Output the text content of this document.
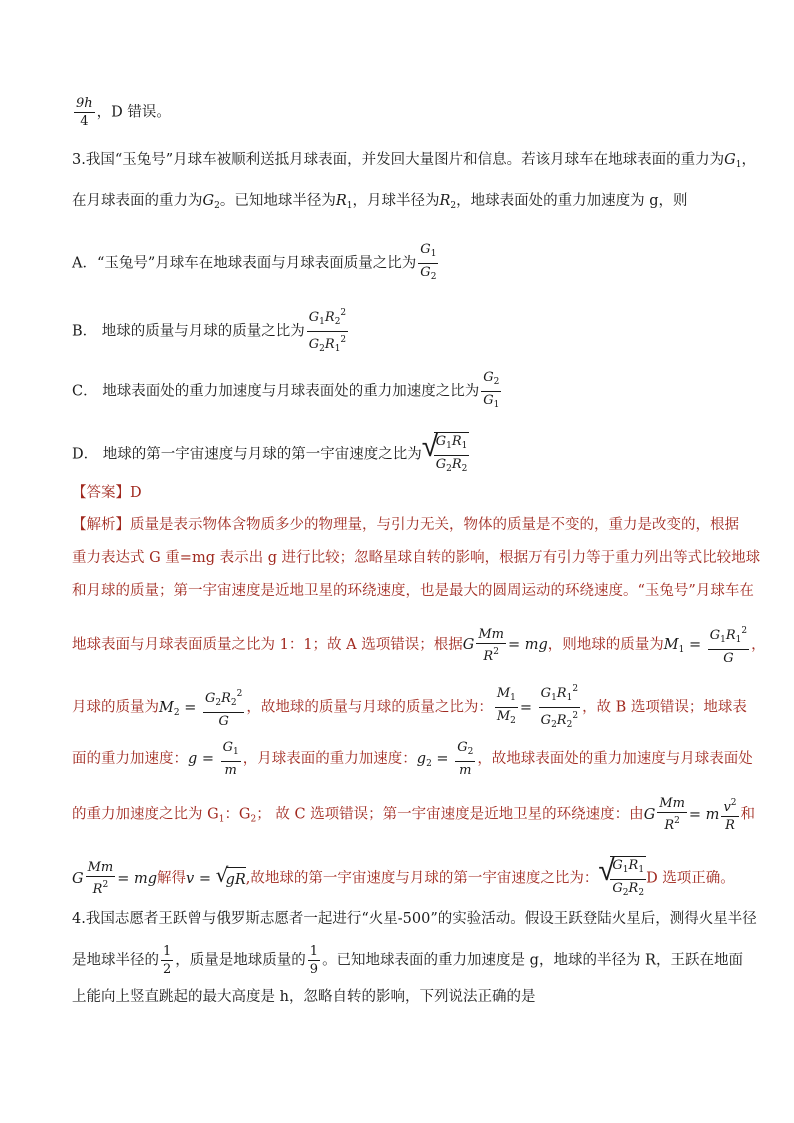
$\frac{9h}{4}$ ，D 错误。
3.我国“玉兔号”月球车被顺利送抵月球表面，并发回大量图片和信息。若该月球车在地球表面的重力为$G_1$，
在月球表面的重力为$G_2$。已知地球半径为$R_1$，月球半径为$R_2$，地球表面处的重力加速度为 g，则
A．“玉兔号”月球车在地球表面与月球表面质量之比为 $\frac{G_1}{G_2}$
B． 地球的质量与月球的质量之比为 $\frac{G_1R_2^2}{G_2R_1^2}$
C． 地球表面处的重力加速度与月球表面处的重力加速度之比为 $\frac{G_2}{G_1}$
D． 地球的第一宇宙速度与月球的第一宇宙速度之比为 √
$\frac{G_1R_1}{G_2R_2}$
【答案】D
【解析】质量是表示物体含物质多少的物理量，与引力无关，物体的质量是不变的，重力是改变的，根据
重力表达式 G 重=mg 表示出 g 进行比较；忽略星球自转的影响，根据万有引力等于重力列出等式比较地球
和月球的质量；第一宇宙速度是近地卫星的环绕速度，也是最大的圆周运动的环绕速度。“玉兔号”月球车在
地球表面与月球表面质量之比为 1：1；故 A 选项错误；根据G $\frac{Mm}{R^2}$ = mg，则地球的质量为$M_1 = \frac{G_1R_1^2}{G}$ ，
月球的质量为$M_2 = \frac{G_2R_2^2}{G}$ ，故地球的质量与月球的质量之比为： $\frac{M_1}{M_2} = \frac{G_1R_1^2}{G_2R_2^2}$ ，故 B 选项错误；地球表
面的重力加速度：$g = \frac{G_1}{m}$ ，月球表面的重力加速度：$g_2 = \frac{G_2}{m}$ ，故地球表面处的重力加速度与月球表面处
的重力加速度之比为 $G_1$：$G_2$； 故 C 选项错误；第一宇宙速度是近地卫星的环绕速度：由G $\frac{Mm}{R^2} = m \frac{v^2}{R}$ 和
G $\frac{Mm}{R^2}$ = mg解得v = √
gR,故地球的第一宇宙速度与月球的第一宇宙速度之比为： √
$\frac{G_1R_1}{G_2R_2}$ D 选项正确。
4.我国志愿者王跃曾与俄罗斯志愿者一起进行“火星-500”的实验活动。假设王跃登陆火星后，测得火星半径
是地球半径的 $\frac{1}{2}$ ，质量是地球质量的 $\frac{1}{9}$ 。已知地球表面的重力加速度是 g，地球的半径为 R，王跃在地面
上能向上竖直跳起的最大高度是 h，忽略自转的影响，下列说法正确的是
